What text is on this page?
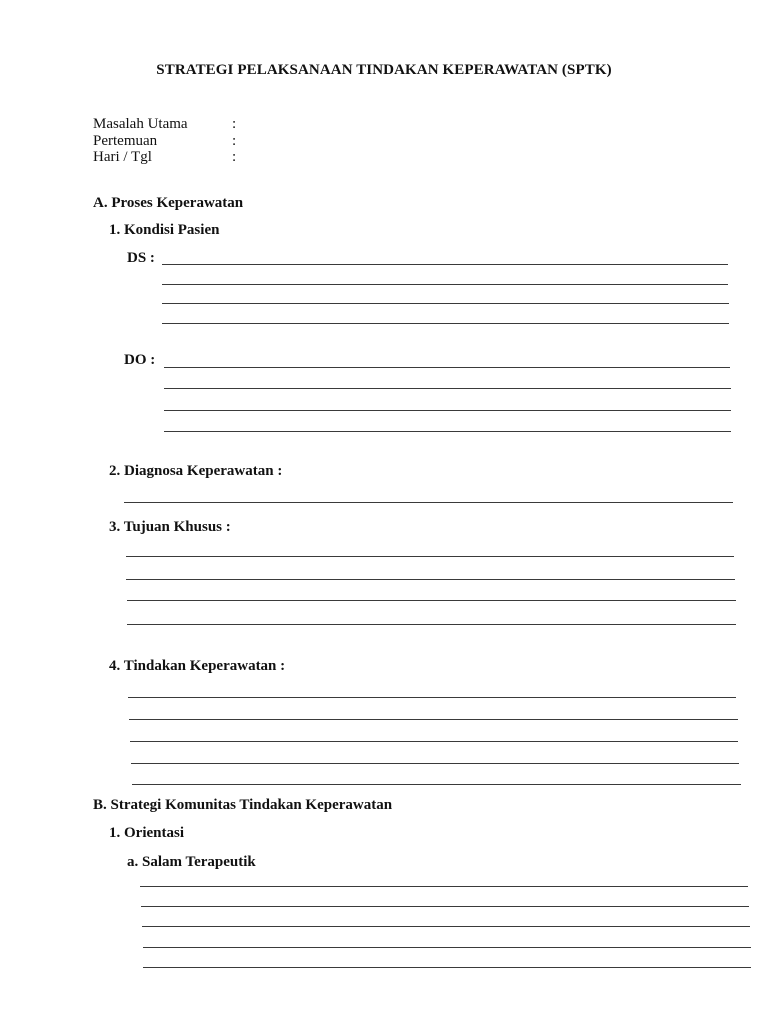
STRATEGI PELAKSANAAN TINDAKAN KEPERAWATAN (SPTK)
Masalah Utama	:
Pertemuan	:
Hari / Tgl	:
A. Proses Keperawatan
1. Kondisi Pasien
DS :
DO :
2. Diagnosa Keperawatan :
3. Tujuan Khusus :
4. Tindakan Keperawatan :
B. Strategi Komunitas Tindakan Keperawatan
1. Orientasi
a. Salam Terapeutik
